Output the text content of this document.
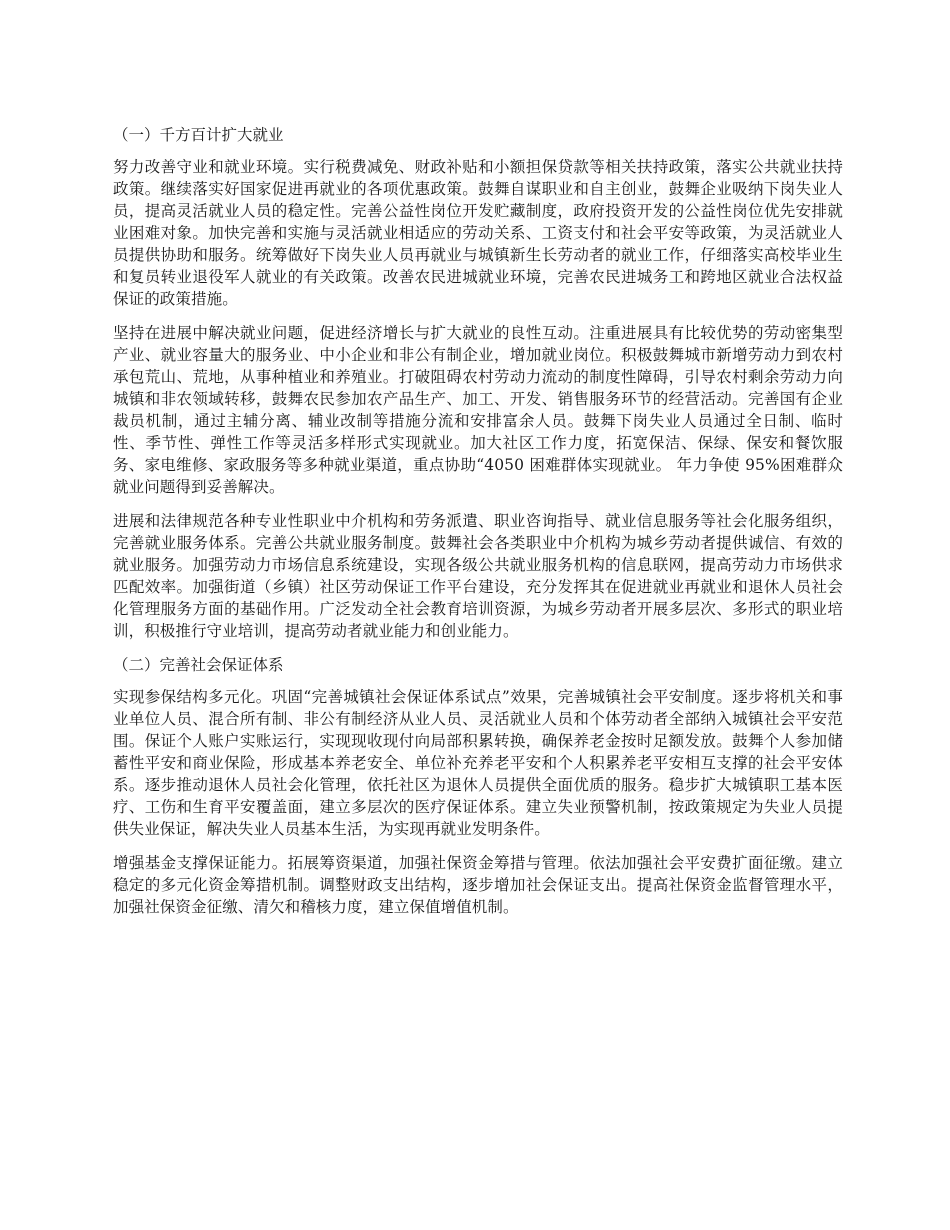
（一）千方百计扩大就业

努力改善守业和就业环境。实行税费减免、财政补贴和小额担保贷款等相关扶持政策，落实公共就业扶持政策。继续落实好国家促进再就业的各项优惠政策。鼓舞自谋职业和自主创业，鼓舞企业吸纳下岗失业人员，提高灵活就业人员的稳定性。完善公益性岗位开发贮藏制度，政府投资开发的公益性岗位优先安排就业困难对象。加快完善和实施与灵活就业相适应的劳动关系、工资支付和社会平安等政策，为灵活就业人员提供协助和服务。统筹做好下岗失业人员再就业与城镇新生长劳动者的就业工作，仔细落实高校毕业生和复员转业退役军人就业的有关政策。改善农民进城就业环境，完善农民进城务工和跨地区就业合法权益保证的政策措施。

坚持在进展中解决就业问题，促进经济增长与扩大就业的良性互动。注重进展具有比较优势的劳动密集型产业、就业容量大的服务业、中小企业和非公有制企业，增加就业岗位。积极鼓舞城市新增劳动力到农村承包荒山、荒地，从事种植业和养殖业。打破阻碍农村劳动力流动的制度性障碍，引导农村剩余劳动力向城镇和非农领域转移，鼓舞农民参加农产品生产、加工、开发、销售服务环节的经营活动。完善国有企业裁员机制，通过主辅分离、辅业改制等措施分流和安排富余人员。鼓舞下岗失业人员通过全日制、临时性、季节性、弹性工作等灵活多样形式实现就业。加大社区工作力度，拓宽保洁、保绿、保安和餐饮服务、家电维修、家政服务等多种就业渠道，重点协助“4050 困难群体实现就业。 年力争使 95%困难群众就业问题得到妥善解决。

进展和法律规范各种专业性职业中介机构和劳务派遣、职业咨询指导、就业信息服务等社会化服务组织，完善就业服务体系。完善公共就业服务制度。鼓舞社会各类职业中介机构为城乡劳动者提供诚信、有效的就业服务。加强劳动力市场信息系统建设，实现各级公共就业服务机构的信息联网，提高劳动力市场供求匹配效率。加强街道（乡镇）社区劳动保证工作平台建设，充分发挥其在促进就业再就业和退休人员社会化管理服务方面的基础作用。广泛发动全社会教育培训资源，为城乡劳动者开展多层次、多形式的职业培训，积极推行守业培训，提高劳动者就业能力和创业能力。

（二）完善社会保证体系

实现参保结构多元化。巩固“完善城镇社会保证体系试点”效果，完善城镇社会平安制度。逐步将机关和事业单位人员、混合所有制、非公有制经济从业人员、灵活就业人员和个体劳动者全部纳入城镇社会平安范围。保证个人账户实账运行，实现现收现付向局部积累转换，确保养老金按时足额发放。鼓舞个人参加储蓄性平安和商业保险，形成基本养老安全、单位补充养老平安和个人积累养老平安相互支撑的社会平安体系。逐步推动退休人员社会化管理，依托社区为退休人员提供全面优质的服务。稳步扩大城镇职工基本医疗、工伤和生育平安覆盖面，建立多层次的医疗保证体系。建立失业预警机制，按政策规定为失业人员提供失业保证，解决失业人员基本生活，为实现再就业发明条件。

增强基金支撑保证能力。拓展筹资渠道，加强社保资金筹措与管理。依法加强社会平安费扩面征缴。建立稳定的多元化资金筹措机制。调整财政支出结构，逐步增加社会保证支出。提高社保资金监督管理水平，加强社保资金征缴、清欠和稽核力度，建立保值增值机制。
